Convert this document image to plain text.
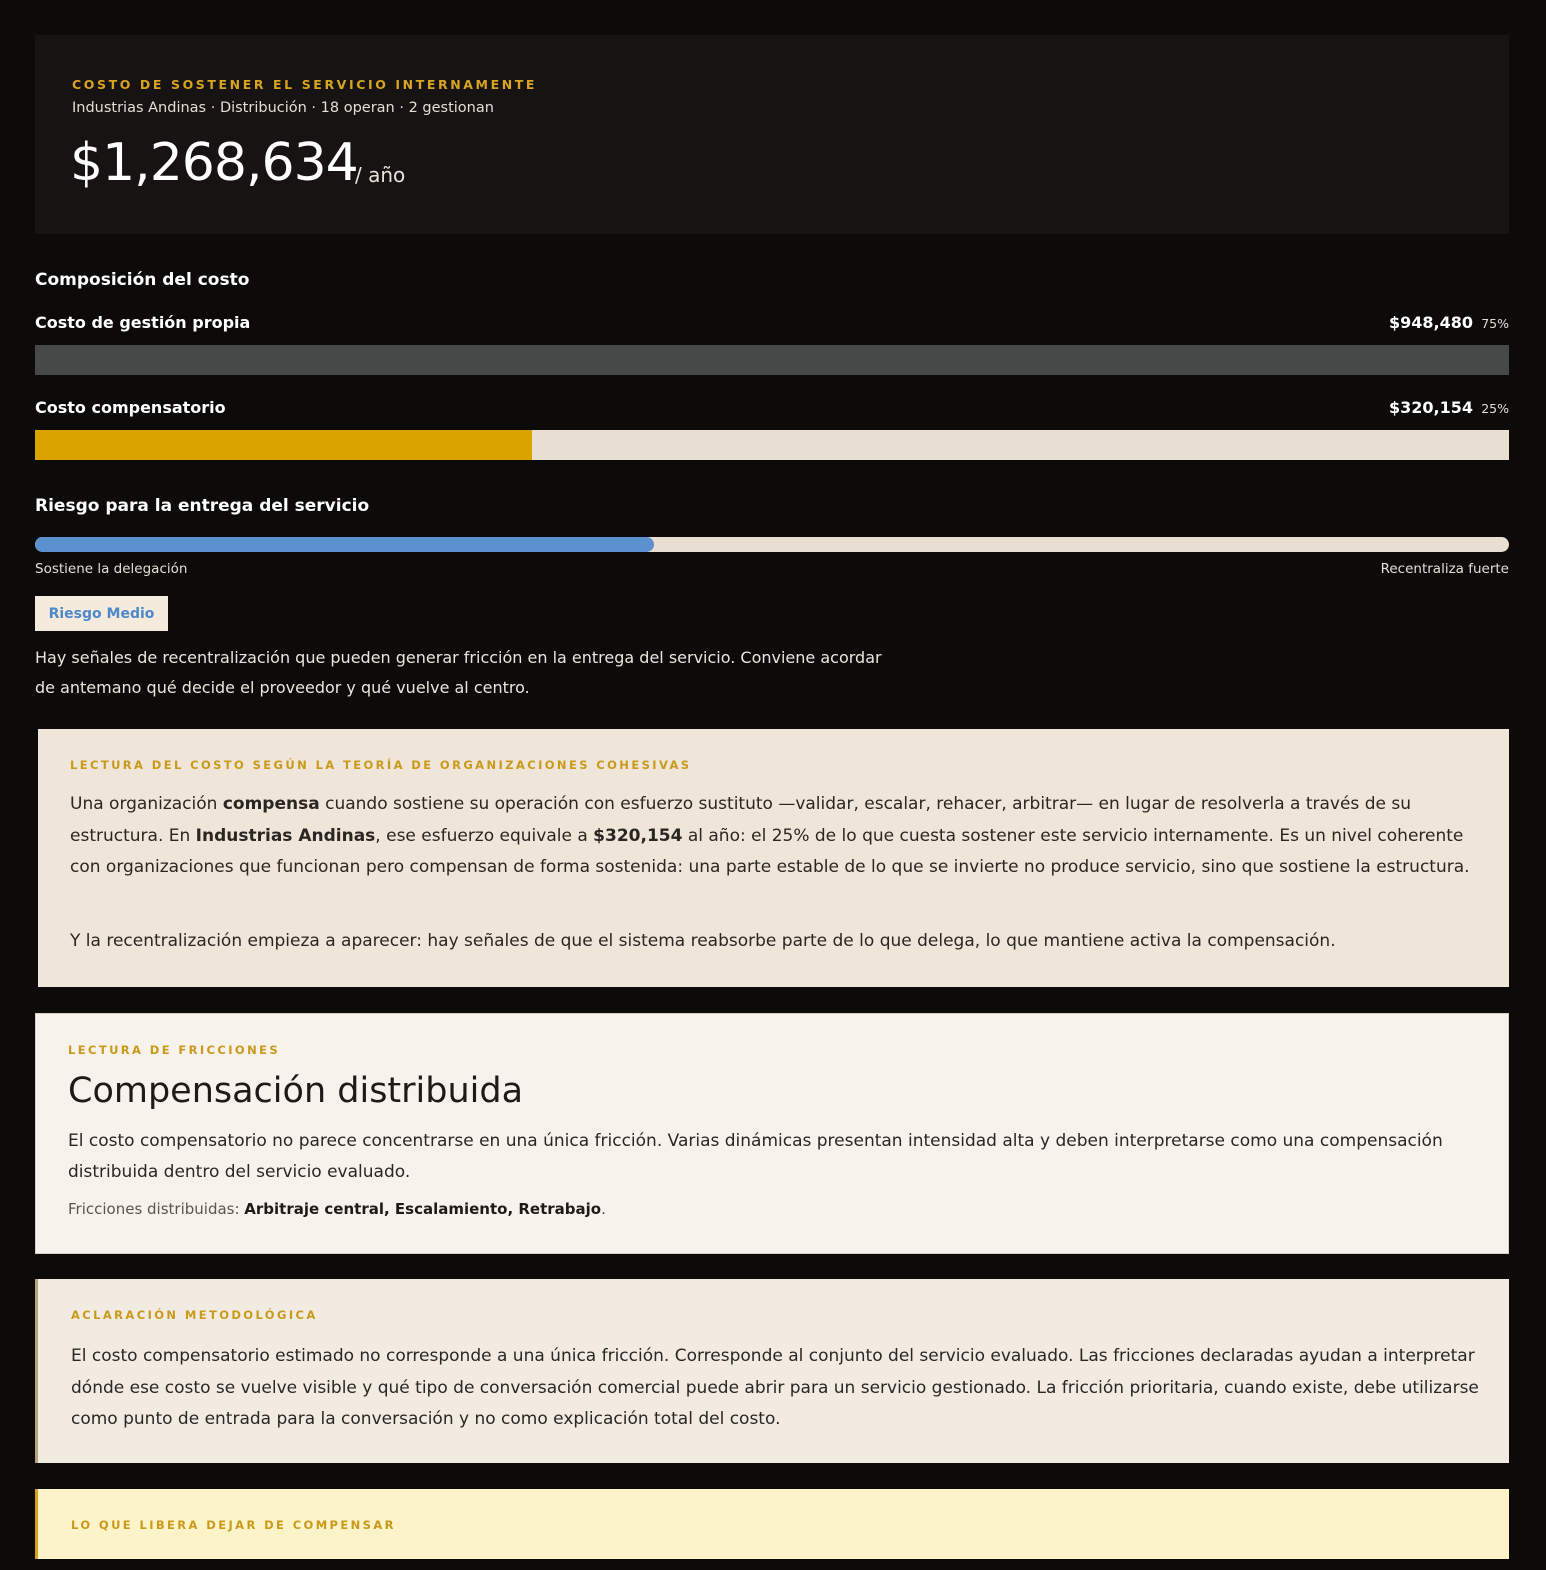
COSTO DE SOSTENER EL SERVICIO INTERNAMENTE
Industrias Andinas · Distribución · 18 operan · 2 gestionan
$1,268,634
/ año
Composición del costo
Costo de gestión propia	$948,480 75%
Costo compensatorio	$320,154 25%
Riesgo para la entrega del servicio
Sostiene la delegación	Recentraliza fuerte
Riesgo Medio
Hay señales de recentralización que pueden generar fricción en la entrega del servicio. Conviene acordar de antemano qué decide el proveedor y qué vuelve al centro.
LECTURA DEL COSTO SEGÚN LA TEORÍA DE ORGANIZACIONES COHESIVAS

Una organización compensa cuando sostiene su operación con esfuerzo sustituto —validar, escalar, rehacer, arbitrar— en lugar de resolverla a través de su estructura. En Industrias Andinas, ese esfuerzo equivale a $320,154 al año: el 25% de lo que cuesta sostener este servicio internamente. Es un nivel coherente con organizaciones que funcionan pero compensan de forma sostenida: una parte estable de lo que se invierte no produce servicio, sino que sostiene la estructura.

Y la recentralización empieza a aparecer: hay señales de que el sistema reabsorbe parte de lo que delega, lo que mantiene activa la compensación.

LECTURA DE FRICCIONES
Compensación distribuida

El costo compensatorio no parece concentrarse en una única fricción. Varias dinámicas presentan intensidad alta y deben interpretarse como una compensación distribuida dentro del servicio evaluado.

Fricciones distribuidas: Arbitraje central, Escalamiento, Retrabajo.
ACLARACIÓN METODOLÓGICA

El costo compensatorio estimado no corresponde a una única fricción. Corresponde al conjunto del servicio evaluado. Las fricciones declaradas ayudan a interpretar dónde ese costo se vuelve visible y qué tipo de conversación comercial puede abrir para un servicio gestionado. La fricción prioritaria, cuando existe, debe utilizarse como punto de entrada para la conversación y no como explicación total del costo.

LO QUE LIBERA DEJAR DE COMPENSAR
